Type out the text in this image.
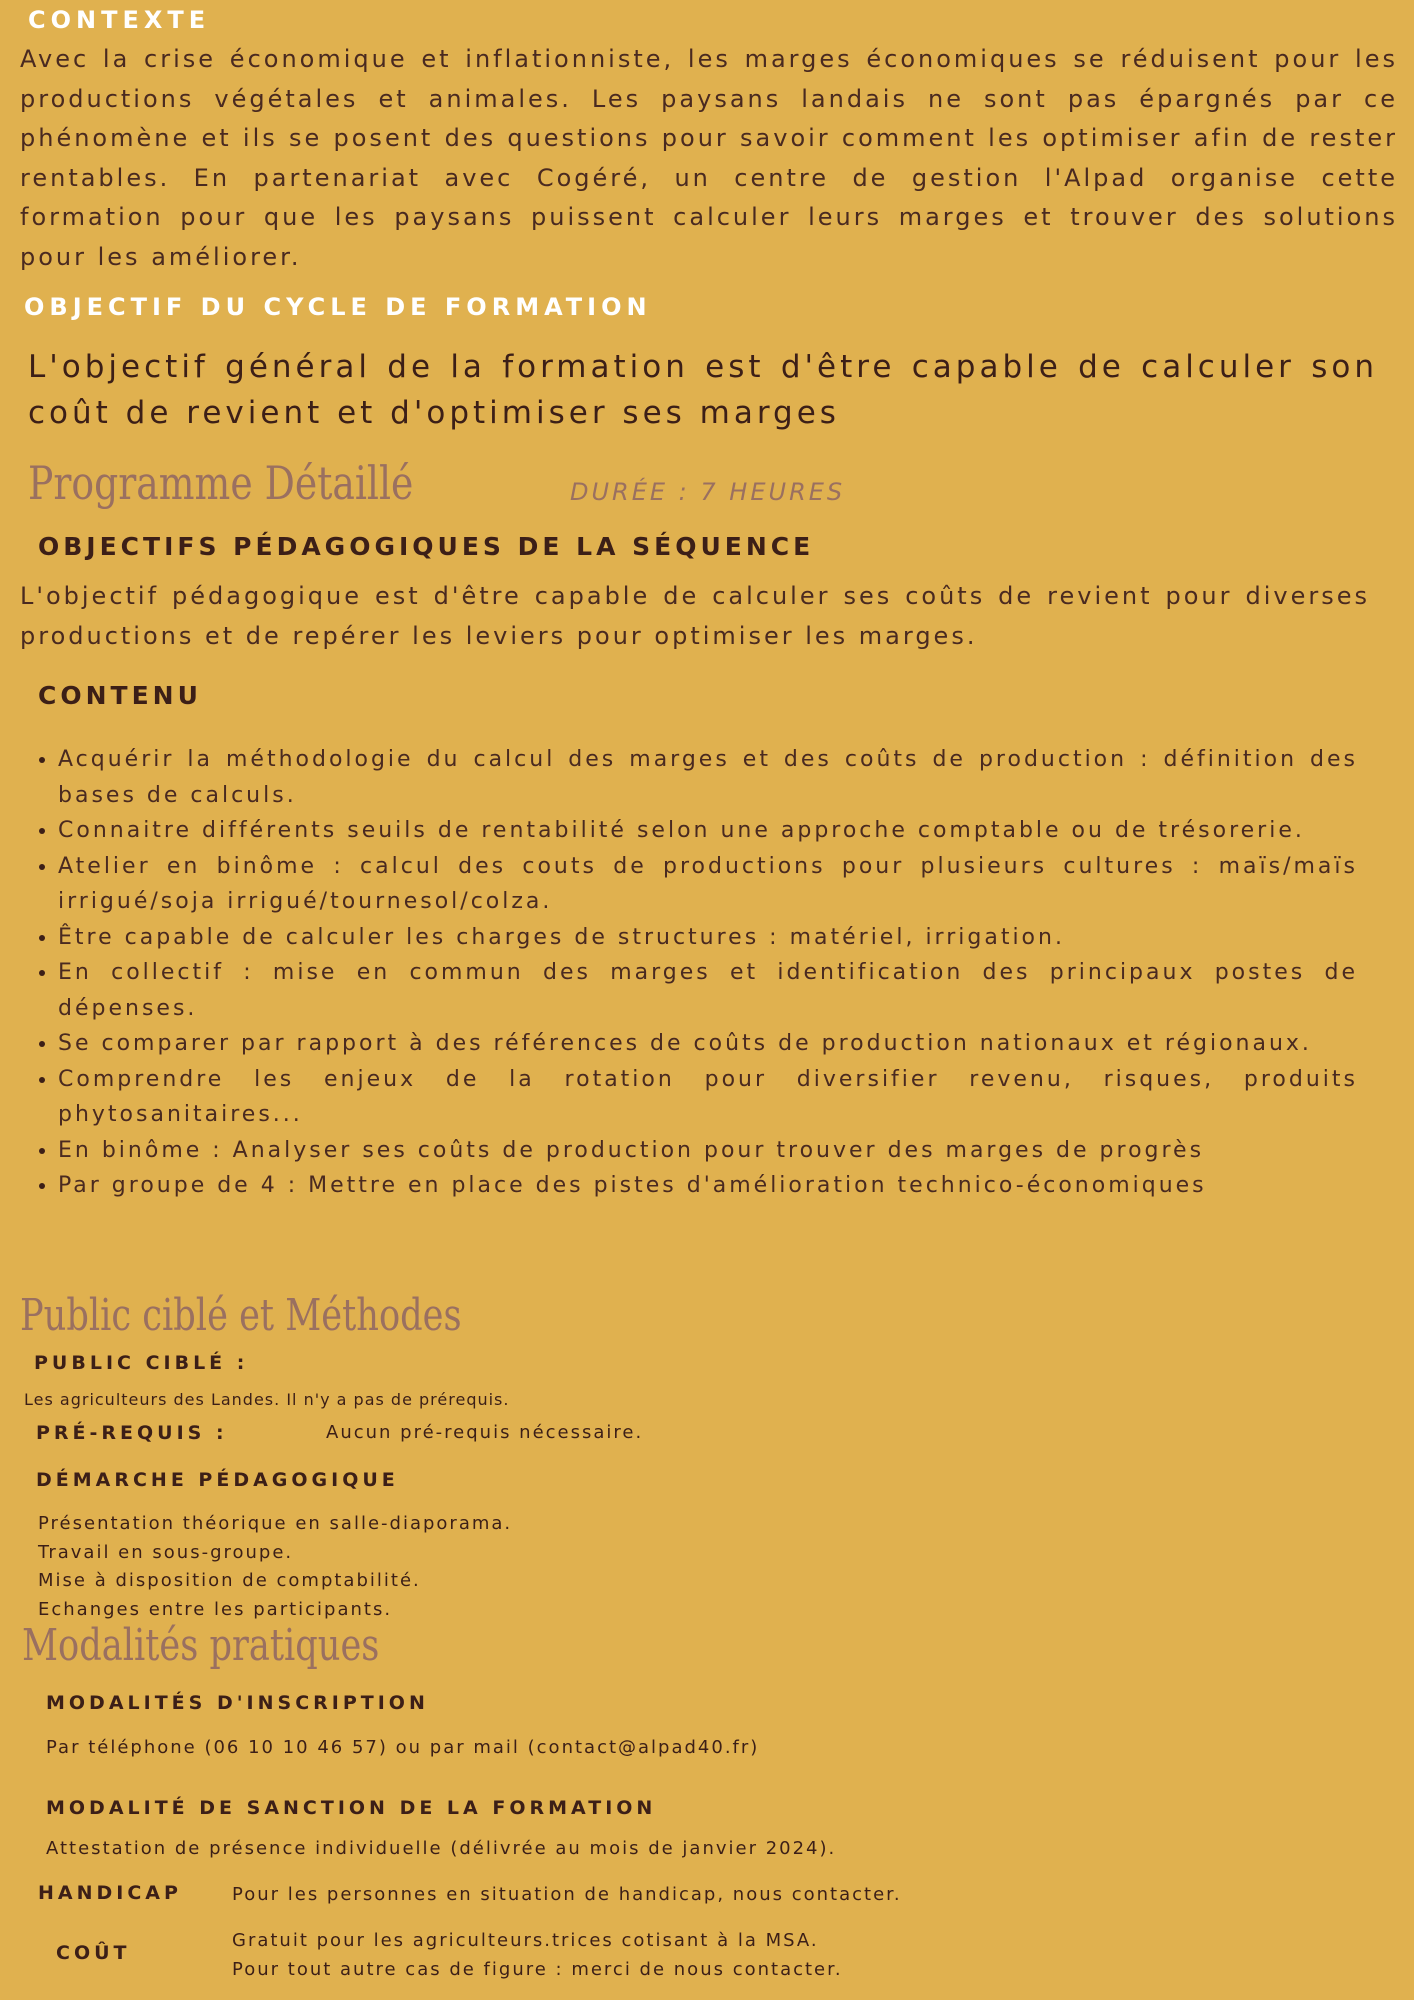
CONTEXTE
Avec la crise économique et inflationniste, les marges économiques se réduisent pour les productions végétales et animales. Les paysans landais ne sont pas épargnés par ce phénomène et ils se posent des questions pour savoir comment les optimiser afin de rester rentables. En partenariat avec Cogéré, un centre de gestion l'Alpad organise cette formation pour que les paysans puissent calculer leurs marges et trouver des solutions pour les améliorer.
OBJECTIF DU CYCLE DE FORMATION
L'objectif général de la formation est d'être capable de calculer son coût de revient et d'optimiser ses marges
Programme Détaillé	DURÉE : 7 HEURES
OBJECTIFS PÉDAGOGIQUES DE LA SÉQUENCE
L'objectif pédagogique est d'être capable de calculer ses coûts de revient pour diverses productions et de repérer les leviers pour optimiser les marges.
CONTENU
• Acquérir la méthodologie du calcul des marges et des coûts de production : définition des bases de calculs.
• Connaitre différents seuils de rentabilité selon une approche comptable ou de trésorerie.
• Atelier en binôme : calcul des couts de productions pour plusieurs cultures : maïs/maïs irrigué/soja irrigué/tournesol/colza.
• Être capable de calculer les charges de structures : matériel, irrigation.
• En collectif : mise en commun des marges et identification des principaux postes de dépenses.
• Se comparer par rapport à des références de coûts de production nationaux et régionaux.
• Comprendre les enjeux de la rotation pour diversifier revenu, risques, produits phytosanitaires...
• En binôme : Analyser ses coûts de production pour trouver des marges de progrès
• Par groupe de 4 : Mettre en place des pistes d'amélioration technico-économiques
Public ciblé et Méthodes
PUBLIC CIBLÉ :
Les agriculteurs des Landes. Il n'y a pas de prérequis.
PRÉ-REQUIS :	Aucun pré-requis nécessaire.
DÉMARCHE PÉDAGOGIQUE
Présentation théorique en salle-diaporama.
Travail en sous-groupe.
Mise à disposition de comptabilité.
Echanges entre les participants.
Modalités pratiques
MODALITÉS D'INSCRIPTION
Par téléphone (06 10 10 46 57) ou par mail (contact@alpad40.fr)
MODALITÉ DE SANCTION DE LA FORMATION
Attestation de présence individuelle (délivrée au mois de janvier 2024).
HANDICAP	Pour les personnes en situation de handicap, nous contacter.
COÛT
Gratuit pour les agriculteurs.trices cotisant à la MSA.
Pour tout autre cas de figure : merci de nous contacter.
